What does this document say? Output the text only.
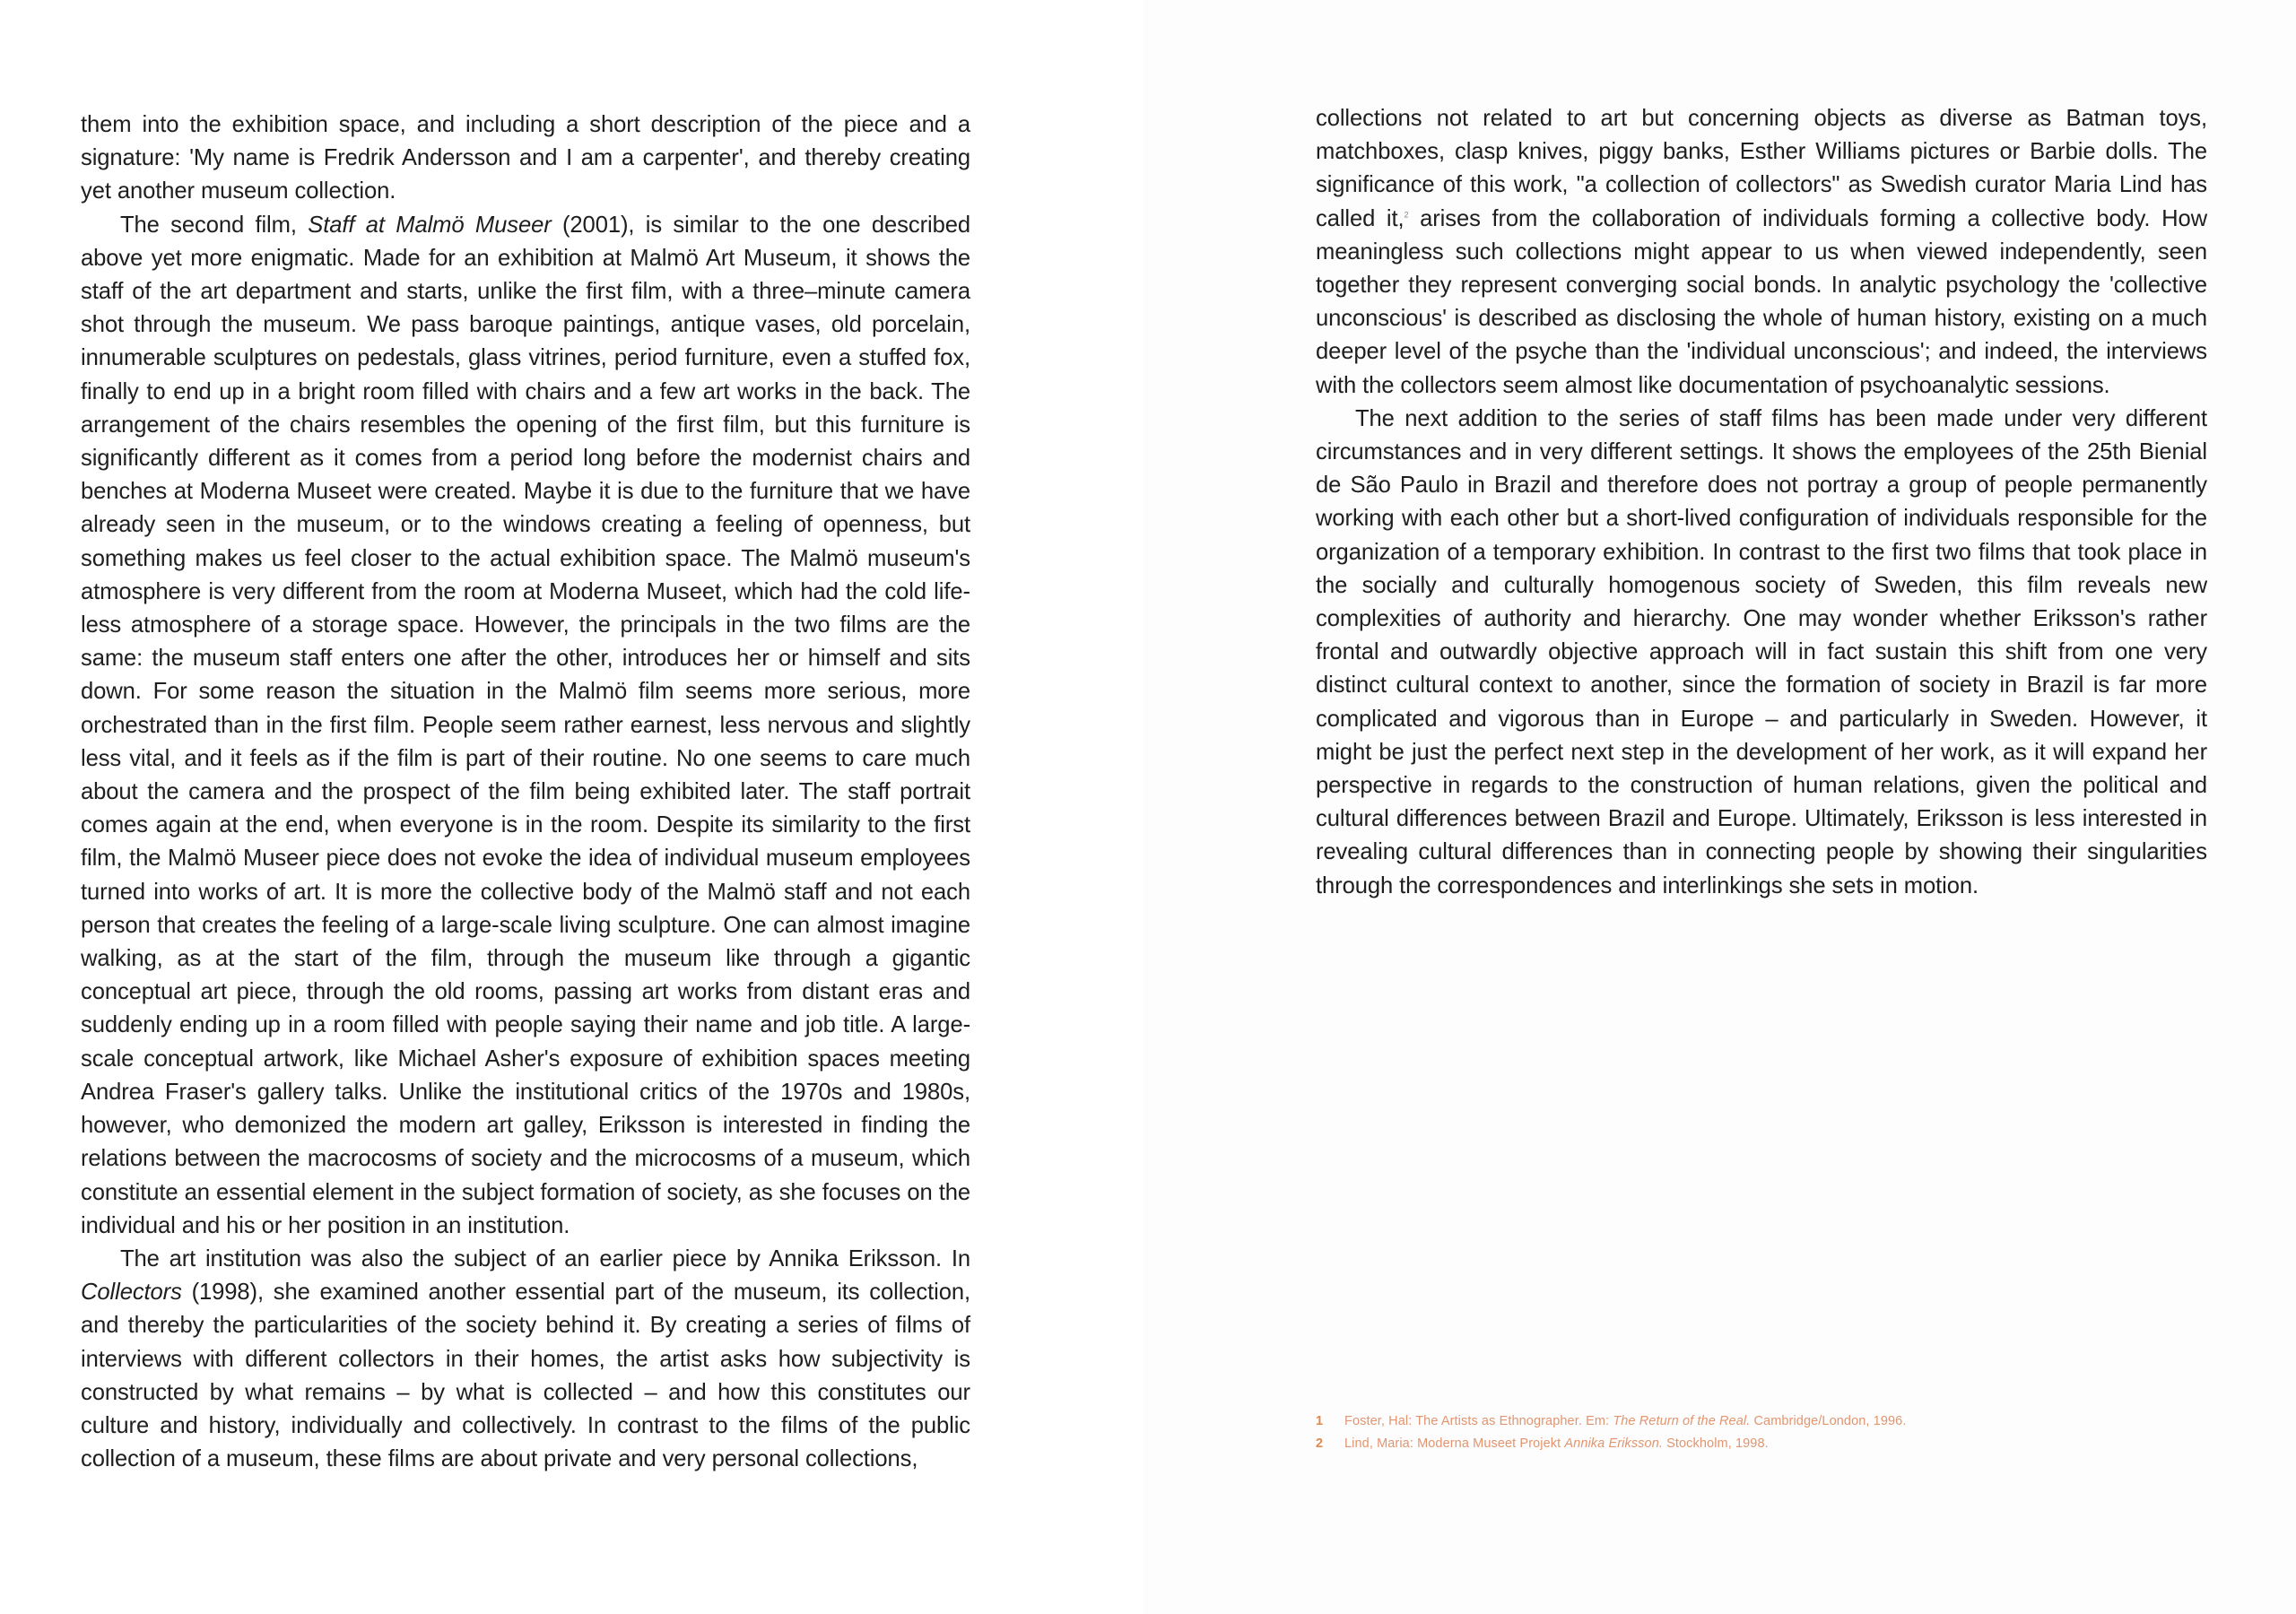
them into the exhibition space, and including a short description of the piece and a signature: 'My name is Fredrik Andersson and I am a carpenter', and thereby creating yet another museum collection.

The second film, Staff at Malmö Museer (2001), is similar to the one described above yet more enigmatic. Made for an exhibition at Malmö Art Museum, it shows the staff of the art department and starts, unlike the first film, with a three–minute camera shot through the museum. We pass baroque paintings, antique vases, old porcelain, innumerable sculptures on pedestals, glass vitrines, period furniture, even a stuffed fox, finally to end up in a bright room filled with chairs and a few art works in the back. The arrangement of the chairs resembles the opening of the first film, but this furniture is significantly different as it comes from a period long before the modernist chairs and benches at Moderna Museet were created. Maybe it is due to the furniture that we have already seen in the museum, or to the windows creating a feeling of openness, but something makes us feel closer to the actual exhibition space. The Malmö museum's atmosphere is very different from the room at Moderna Museet, which had the cold lifeless atmosphere of a storage space. However, the principals in the two films are the same: the museum staff enters one after the other, introduces her or himself and sits down. For some reason the situation in the Malmö film seems more serious, more orchestrated than in the first film. People seem rather earnest, less nervous and slightly less vital, and it feels as if the film is part of their routine. No one seems to care much about the camera and the prospect of the film being exhibited later. The staff portrait comes again at the end, when everyone is in the room. Despite its similarity to the first film, the Malmö Museer piece does not evoke the idea of individual museum employees turned into works of art. It is more the collective body of the Malmö staff and not each person that creates the feeling of a large-scale living sculpture. One can almost imagine walking, as at the start of the film, through the museum like through a gigantic conceptual art piece, through the old rooms, passing art works from distant eras and suddenly ending up in a room filled with people saying their name and job title. A large-scale conceptual artwork, like Michael Asher's exposure of exhibition spaces meeting Andrea Fraser's gallery talks. Unlike the institutional critics of the 1970s and 1980s, however, who demonized the modern art galley, Eriksson is interested in finding the relations between the macrocosms of society and the microcosms of a museum, which constitute an essential element in the subject formation of society, as she focuses on the individual and his or her position in an institution.

The art institution was also the subject of an earlier piece by Annika Eriksson. In Collectors (1998), she examined another essential part of the museum, its collection, and thereby the particularities of the society behind it. By creating a series of films of interviews with different collectors in their homes, the artist asks how subjectivity is constructed by what remains – by what is collected – and how this constitutes our culture and history, individually and collectively. In contrast to the films of the public collection of a museum, these films are about private and very personal collections,

collections not related to art but concerning objects as diverse as Batman toys, matchboxes, clasp knives, piggy banks, Esther Williams pictures or Barbie dolls. The significance of this work, "a collection of collectors" as Swedish curator Maria Lind has called it,$^2$ arises from the collaboration of individuals forming a collective body. How meaningless such collections might appear to us when viewed independently, seen together they represent converging social bonds. In analytic psychology the 'collective unconscious' is described as disclosing the whole of human history, existing on a much deeper level of the psyche than the 'individual unconscious'; and indeed, the interviews with the collectors seem almost like documentation of psychoanalytic sessions.

The next addition to the series of staff films has been made under very different circumstances and in very different settings. It shows the employees of the 25th Bienial de São Paulo in Brazil and therefore does not portray a group of people permanently working with each other but a short-lived configuration of individuals responsible for the organization of a temporary exhibition. In contrast to the first two films that took place in the socially and culturally homogenous society of Sweden, this film reveals new complexities of authority and hierarchy. One may wonder whether Eriksson's rather frontal and outwardly objective approach will in fact sustain this shift from one very distinct cultural context to another, since the formation of society in Brazil is far more complicated and vigorous than in Europe – and particularly in Sweden. However, it might be just the perfect next step in the development of her work, as it will expand her perspective in regards to the construction of human relations, given the political and cultural differences between Brazil and Europe. Ultimately, Eriksson is less interested in revealing cultural differences than in connecting people by showing their singularities through the correspondences and interlinkings she sets in motion.

1	Foster, Hal: The Artists as Ethnographer. Em: The Return of the Real. Cambridge/London, 1996.
2	Lind, Maria: Moderna Museet Projekt Annika Eriksson. Stockholm, 1998.
